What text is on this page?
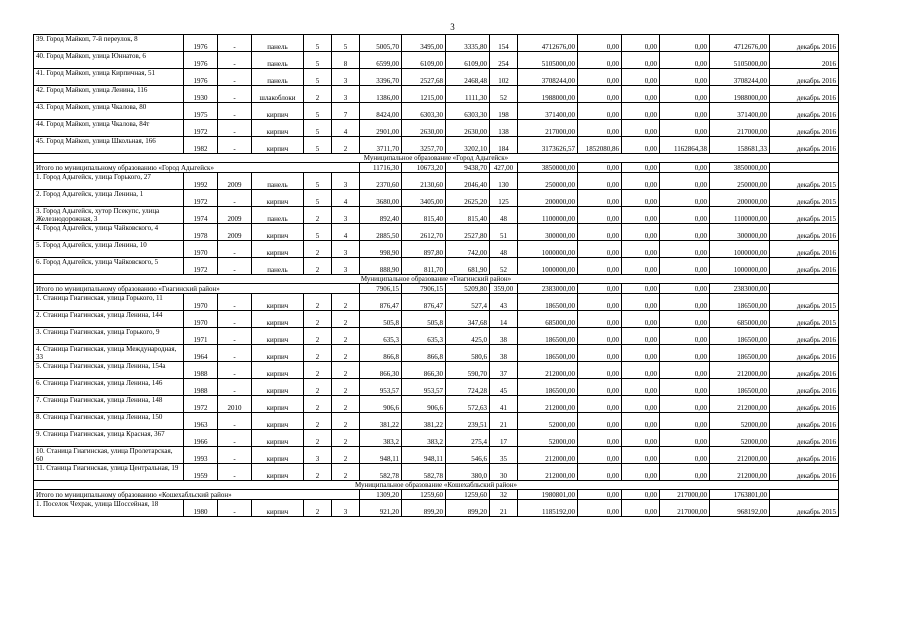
3
39. Город Майкоп, 7-й переулок, 8	1976	-	панель	5	5	5005,70	3495,00	3335,80	154	4712676,00	0,00	0,00	0,00	4712676,00	декабрь 2016
40. Город Майкоп, улица Юннатов, 6	1976	-	панель	5	8	6599,00	6109,00	6109,00	254	5105000,00	0,00	0,00	0,00	5105000,00	2016
41. Город Майкоп, улица Кирпичная, 51	1976	-	панель	5	3	3396,70	2527,68	2468,48	102	3708244,00	0,00	0,00	0,00	3708244,00	декабрь 2016
42. Город Майкоп, улица Ленина, 116	1930	-	шлакоблоки	2	3	1386,00	1215,00	1111,30	52	1988000,00	0,00	0,00	0,00	1988000,00	декабрь 2016
43. Город Майкоп, улица Чкалова, 80	1975	-	кирпич	5	7	8424,00	6303,30	6303,30	198	371400,00	0,00	0,00	0,00	371400,00	декабрь 2016
44. Город Майкоп, улица Чкалова, 84т	1972	-	кирпич	5	4	2901,00	2630,00	2630,00	138	217000,00	0,00	0,00	0,00	217000,00	декабрь 2016
45. Город Майкоп, улица Школьная, 166	1982	-	кирпич	5	2	3711,70	3257,70	3202,10	184	3173626,57	1852080,86	0,00	1162864,38	158681,33	декабрь 2016
Муниципальное образование «Город Адыгейск»															
Итого по муниципальному образованию «Город Адыгейск»						11716,30	10673,20	9438,70	427,00	3850000,00	0,00	0,00	0,00	3850000,00	
1. Город Адыгейск, улица Горького, 27	1992	2009	панель	5	3	2370,60	2130,60	2046,40	130	250000,00	0,00	0,00	0,00	250000,00	декабрь 2015
2. Город Адыгейск, улица Ленина, 1	1972	-	кирпич	5	4	3680,00	3405,00	2625,20	125	200000,00	0,00	0,00	0,00	200000,00	декабрь 2015
3. Город Адыгейск, хутор Псекупс, улица Железнодорожная, 3	1974	2009	панель	2	3	892,40	815,40	815,40	48	1100000,00	0,00	0,00	0,00	1100000,00	декабрь 2015
4. Город Адыгейск, улица Чайковского, 4	1978	2009	кирпич	5	4	2885,50	2612,70	2527,80	51	300000,00	0,00	0,00	0,00	300000,00	декабрь 2016
5. Город Адыгейск, улица Ленина, 10	1970	-	кирпич	2	3	998,90	897,80	742,00	48	1000000,00	0,00	0,00	0,00	1000000,00	декабрь 2016
6. Город Адыгейск, улица Чайковского, 5	1972	-	панель	2	3	888,90	811,70	681,90	52	1000000,00	0,00	0,00	0,00	1000000,00	декабрь 2016
Муниципальное образование «Гиагинский район»															
Итого по муниципальному образованию «Гиагинский район»						7906,15	7906,15	5209,80	359,00	2383000,00	0,00	0,00	0,00	2383000,00	
1. Станица Гиагинская, улица Горького, 11	1970	-	кирпич	2	2	876,47	876,47	527,4	43	186500,00	0,00	0,00	0,00	186500,00	декабрь 2015
2. Станица Гиагинская, улица Ленина, 144	1970	-	кирпич	2	2	505,8	505,8	347,68	14	685000,00	0,00	0,00	0,00	685000,00	декабрь 2015
3. Станица Гиагинская, улица Горького, 9	1971	-	кирпич	2	2	635,3	635,3	425,0	38	186500,00	0,00	0,00	0,00	186500,00	декабрь 2016
4. Станица Гиагинская, улица Международная, 33	1964	-	кирпич	2	2	866,8	866,8	580,6	38	186500,00	0,00	0,00	0,00	186500,00	декабрь 2016
5. Станица Гиагинская, улица Ленина, 154а	1988	-	кирпич	2	2	866,30	866,30	590,70	37	212000,00	0,00	0,00	0,00	212000,00	декабрь 2016
6. Станица Гиагинская, улица Ленина, 146	1988	-	кирпич	2	2	953,57	953,57	724,28	45	186500,00	0,00	0,00	0,00	186500,00	декабрь 2016
7. Станица Гиагинская, улица Ленина, 148	1972	2010	кирпич	2	2	906,6	906,6	572,63	41	212000,00	0,00	0,00	0,00	212000,00	декабрь 2016
8. Станица Гиагинская, улица Ленина, 150	1963	-	кирпич	2	2	381,22	381,22	239,51	21	52000,00	0,00	0,00	0,00	52000,00	декабрь 2016
9. Станица Гиагинская, улица Красная, 367	1966	-	кирпич	2	2	383,2	383,2	275,4	17	52000,00	0,00	0,00	0,00	52000,00	декабрь 2016
10. Станица Гиагинская, улица Пролетарская, 60	1993	-	кирпич	3	2	948,11	948,11	546,6	35	212000,00	0,00	0,00	0,00	212000,00	декабрь 2016
11. Станица Гиагинская, улица Центральная, 19	1959	-	кирпич	2	2	582,78	582,78	380,0	30	212000,00	0,00	0,00	0,00	212000,00	декабрь 2016
Муниципальное образование «Кошехабльский район»															
Итого по муниципальному образованию «Кошехабльский район»						1309,20	1259,60	1259,60	32	1980801,00	0,00	0,00	217000,00	1763801,00	
1. Поселок Чехрак, улица Шоссейная, 18	1980	-	кирпич	2	3	921,20	899,20	899,20	21	1185192,00	0,00	0,00	217000,00	968192,00	декабрь 2015
